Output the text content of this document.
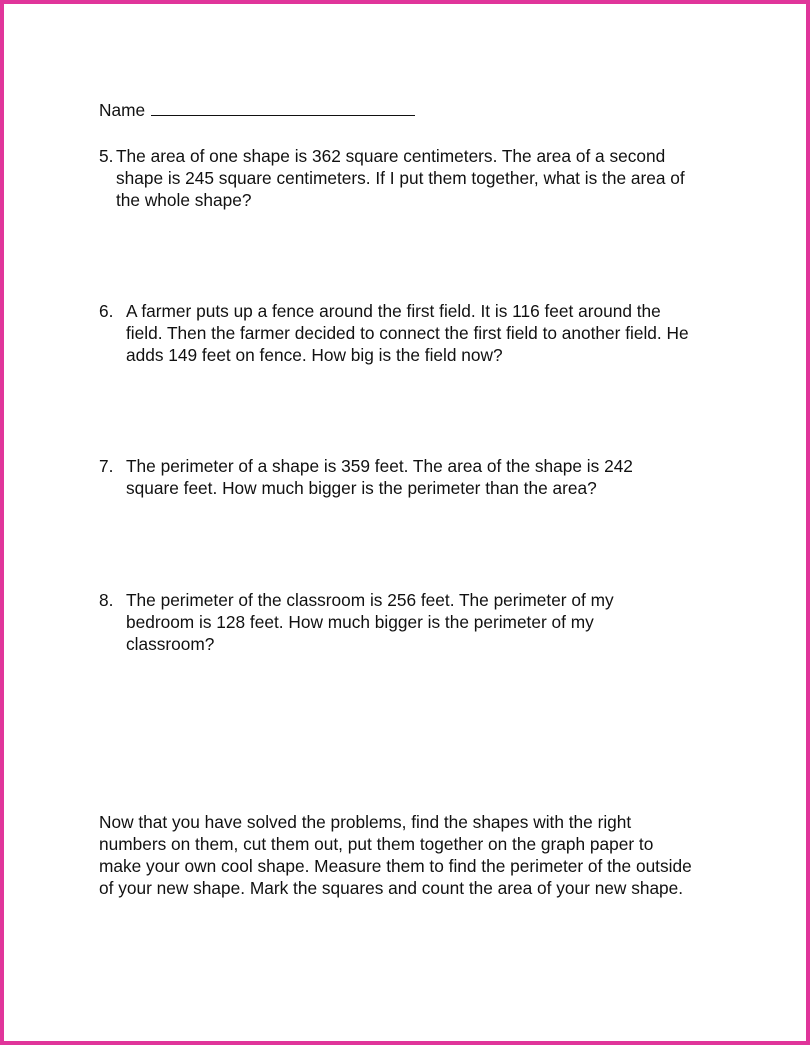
Name
5. The area of one shape is 362 square centimeters. The area of a second shape is 245 square centimeters. If I put them together, what is the area of the whole shape?
6. A farmer puts up a fence around the first field. It is 116 feet around the field. Then the farmer decided to connect the first field to another field. He adds 149 feet on fence. How big is the field now?
7. The perimeter of a shape is 359 feet. The area of the shape is 242 square feet. How much bigger is the perimeter than the area?
8. The perimeter of the classroom is 256 feet. The perimeter of my bedroom is 128 feet. How much bigger is the perimeter of my classroom?
Now that you have solved the problems, find the shapes with the right numbers on them, cut them out, put them together on the graph paper to make your own cool shape. Measure them to find the perimeter of the outside of your new shape. Mark the squares and count the area of your new shape.
